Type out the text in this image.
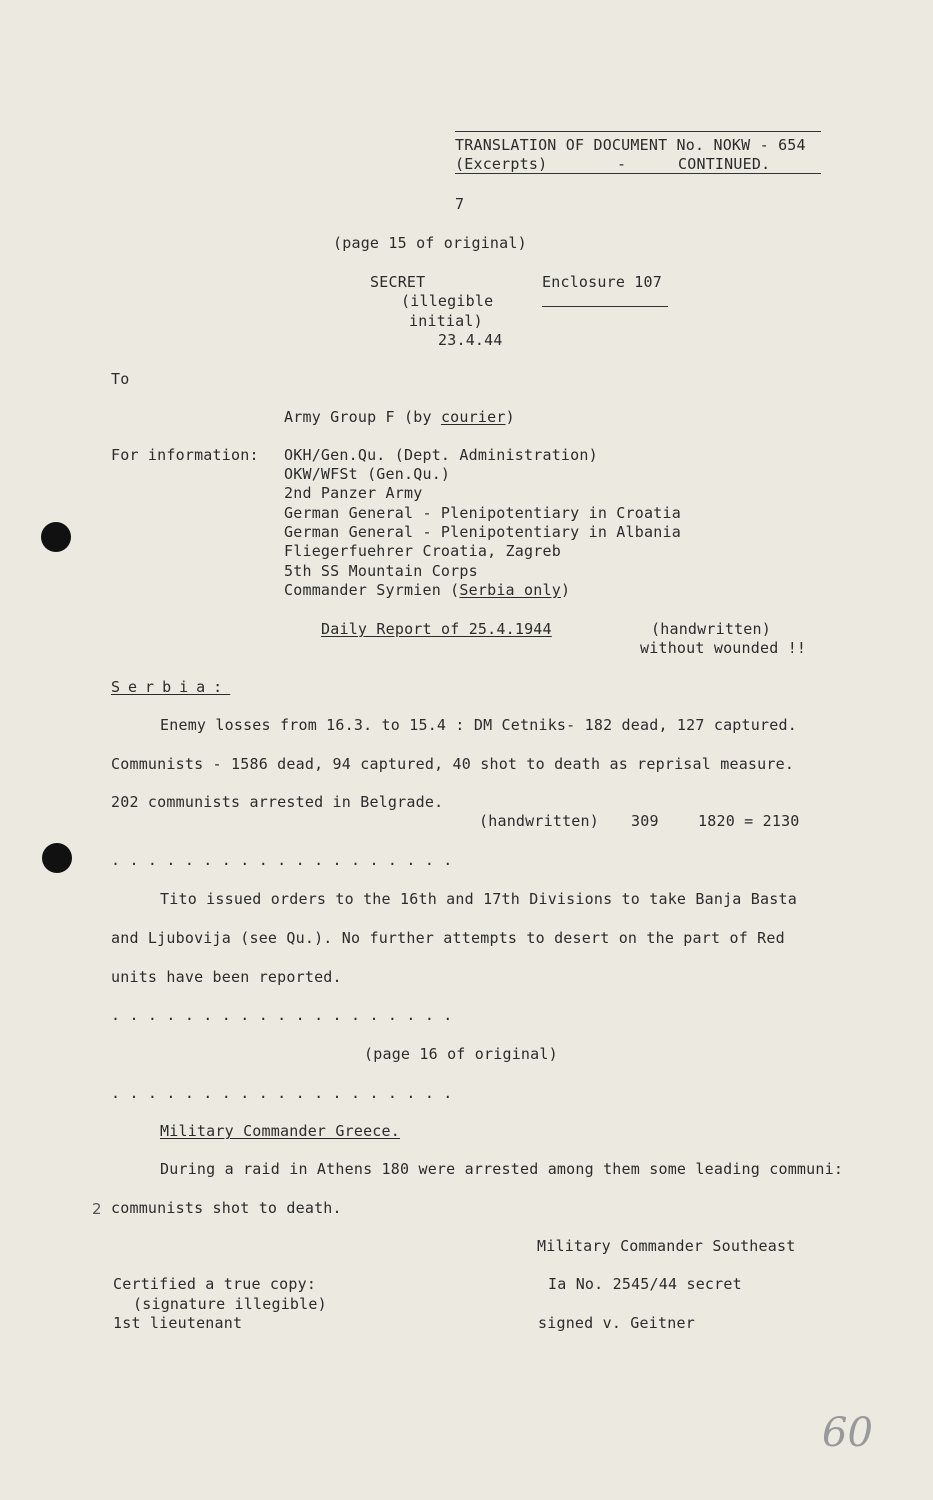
TRANSLATION OF DOCUMENT No. NOKW - 654
(Excerpts)	-	CONTINUED.
7
(page 15 of original)
SECRET
(illegible
initial)
23.4.44
Enclosure 107
To
Army Group F (by courier)
For information: OKH/Gen.Qu. (Dept. Administration)
OKW/WFSt (Gen.Qu.)
2nd Panzer Army
German General - Plenipotentiary in Croatia
German General - Plenipotentiary in Albania
Fliegerfuehrer Croatia, Zagreb
5th SS Mountain Corps
Commander Syrmien (Serbia only)
Daily Report of 25.4.1944	(handwritten)
without wounded !!
Serbia:
Enemy losses from 16.3. to 15.4 : DM Cetniks- 182 dead, 127 captured.
Communists - 1586 dead, 94 captured, 40 shot to death as reprisal measure.
202 communists arrested in Belgrade.
(handwritten) 309	1820 = 2130
. . . . . . . . . . . . . . . . . . .
Tito issued orders to the 16th and 17th Divisions to take Banja Basta
and Ljubovija (see Qu.). No further attempts to desert on the part of Red
units have been reported.
. . . . . . . . . . . . . . . . . . .
(page 16 of original)
. . . . . . . . . . . . . . . . . . .
Military Commander Greece.
During a raid in Athens 180 were arrested among them some leading communi:
2 communists shot to death.
Military Commander Southeast
Ia No. 2545/44 secret
signed v. Geitner
Certified a true copy:
(signature illegible)
1st lieutenant
60
